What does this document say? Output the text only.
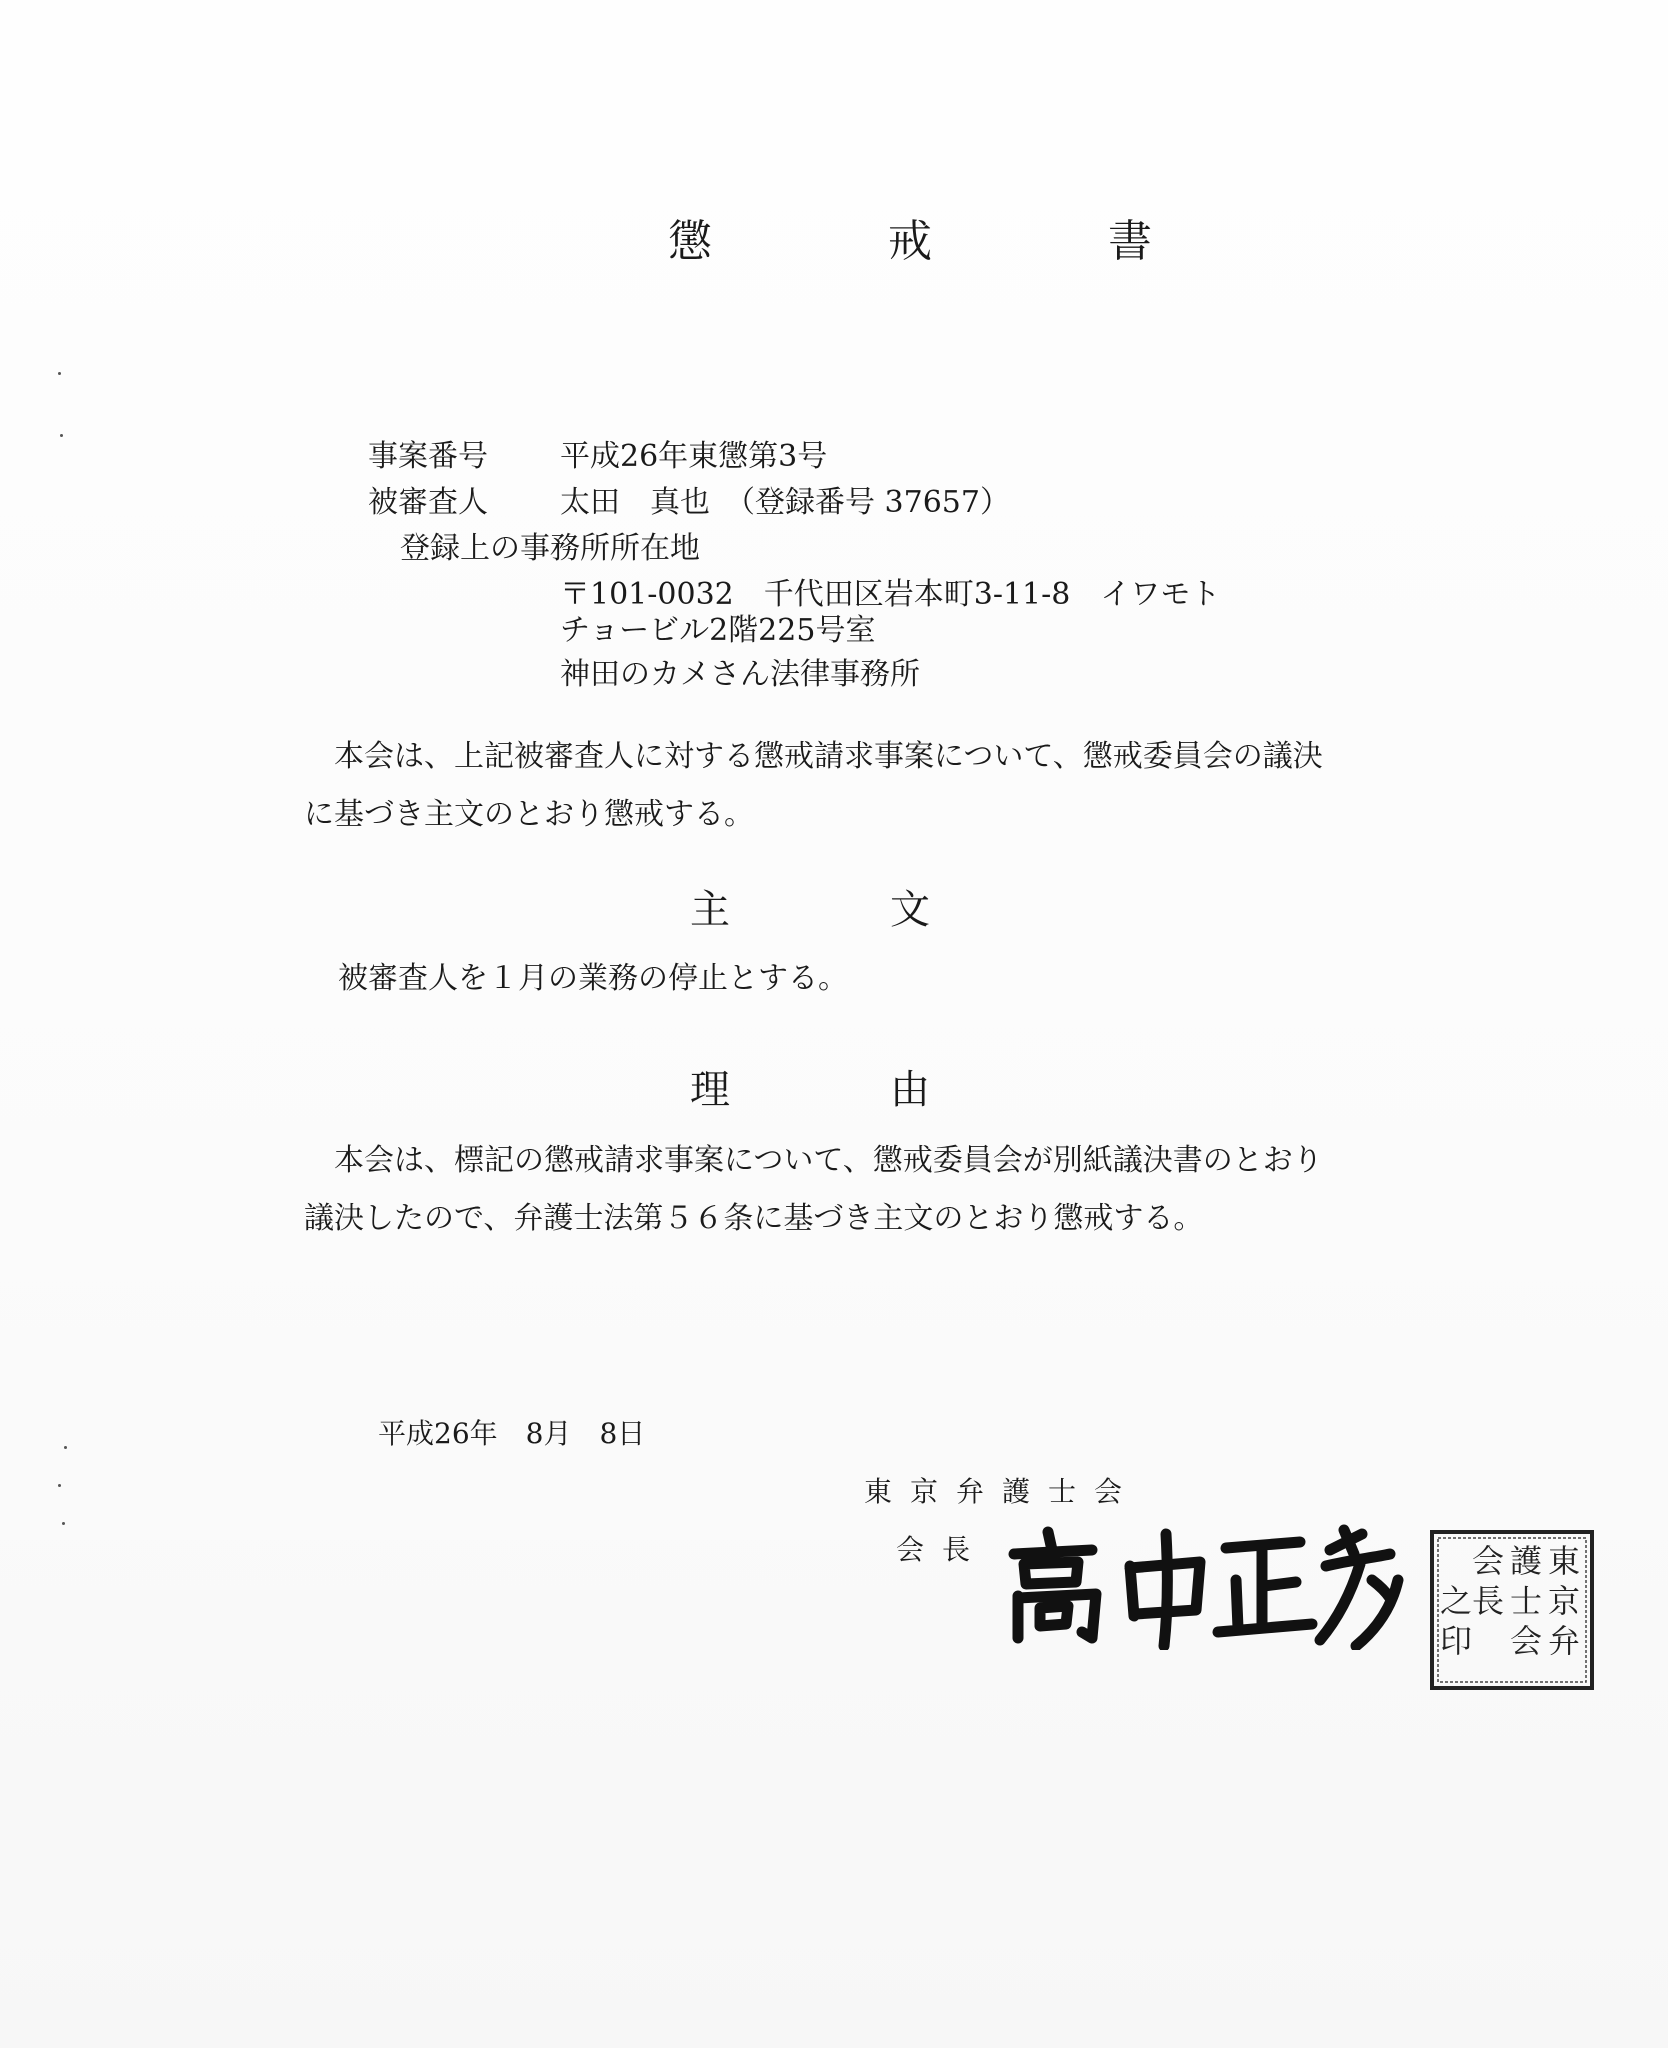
懲　戒　書
事案番号 平成26年東懲第3号
被審査人 太田　真也　（登録番号 37657）
登録上の事務所所在地
〒101-0032　千代田区岩本町3-11-8　イワモト
チョービル2階225号室
神田のカメさん法律事務所
本会は、上記被審査人に対する懲戒請求事案について、懲戒委員会の議決に基づき主文のとおり懲戒する。
主　　　　文
被審査人を１月の業務の停止とする。
理　　　　由
本会は、標記の懲戒請求事案について、懲戒委員会が別紙議決書のとおり議決したので、弁護士法第５６条に基づき主文のとおり懲戒する。
平成26年　8月　8日
東京弁護士会
会長	東
京
弁
護
士
会
会
長
之
印
